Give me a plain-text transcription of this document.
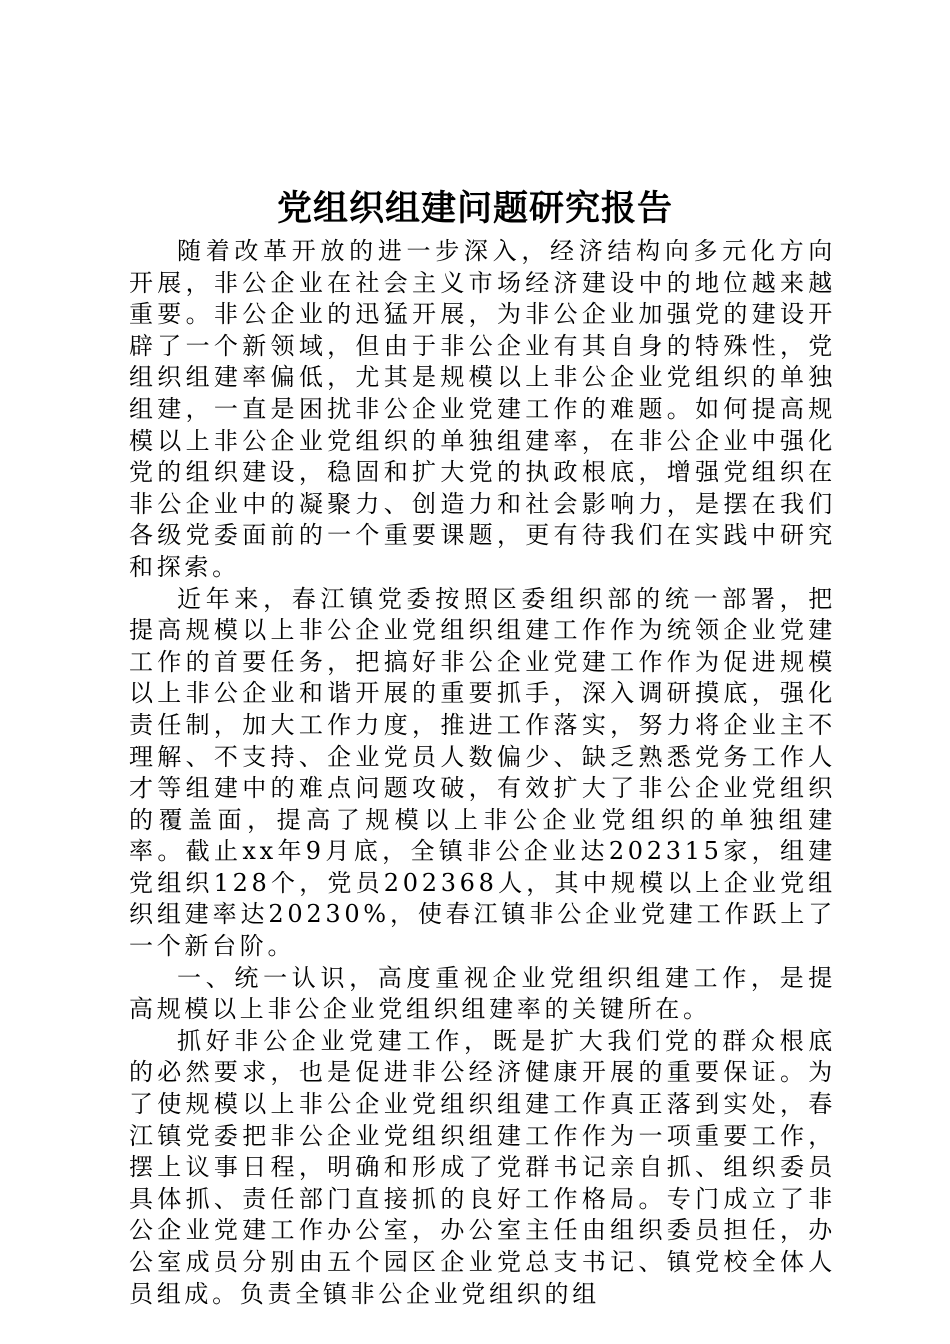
党组织组建问题研究报告

随着改革开放的进一步深入，经济结构向多元化方向开展，非公企业在社会主义市场经济建设中的地位越来越重要。非公企业的迅猛开展，为非公企业加强党的建设开辟了一个新领域，但由于非公企业有其自身的特殊性，党组织组建率偏低，尤其是规模以上非公企业党组织的单独组建，一直是困扰非公企业党建工作的难题。如何提高规模以上非公企业党组织的单独组建率，在非公企业中强化党的组织建设，稳固和扩大党的执政根底，增强党组织在非公企业中的凝聚力、创造力和社会影响力，是摆在我们各级党委面前的一个重要课题，更有待我们在实践中研究和探索。

近年来，春江镇党委按照区委组织部的统一部署，把提高规模以上非公企业党组织组建工作作为统领企业党建工作的首要任务，把搞好非公企业党建工作作为促进规模以上非公企业和谐开展的重要抓手，深入调研摸底，强化责任制，加大工作力度，推进工作落实，努力将企业主不理解、不支持、企业党员人数偏少、缺乏熟悉党务工作人才等组建中的难点问题攻破，有效扩大了非公企业党组织的覆盖面，提高了规模以上非公企业党组织的单独组建率。截止xx年9月底，全镇非公企业达202315家，组建党组织128个，党员202368人，其中规模以上企业党组织组建率达20230%，使春江镇非公企业党建工作跃上了一个新台阶。

一、统一认识，高度重视企业党组织组建工作，是提高规模以上非公企业党组织组建率的关键所在。

抓好非公企业党建工作，既是扩大我们党的群众根底的必然要求，也是促进非公经济健康开展的重要保证。为了使规模以上非公企业党组织组建工作真正落到实处，春江镇党委把非公企业党组织组建工作作为一项重要工作，摆上议事日程，明确和形成了党群书记亲自抓、组织委员具体抓、责任部门直接抓的良好工作格局。专门成立了非公企业党建工作办公室，办公室主任由组织委员担任，办公室成员分别由五个园区企业党总支书记、镇党校全体人员组成。负责全镇非公企业党组织的组
